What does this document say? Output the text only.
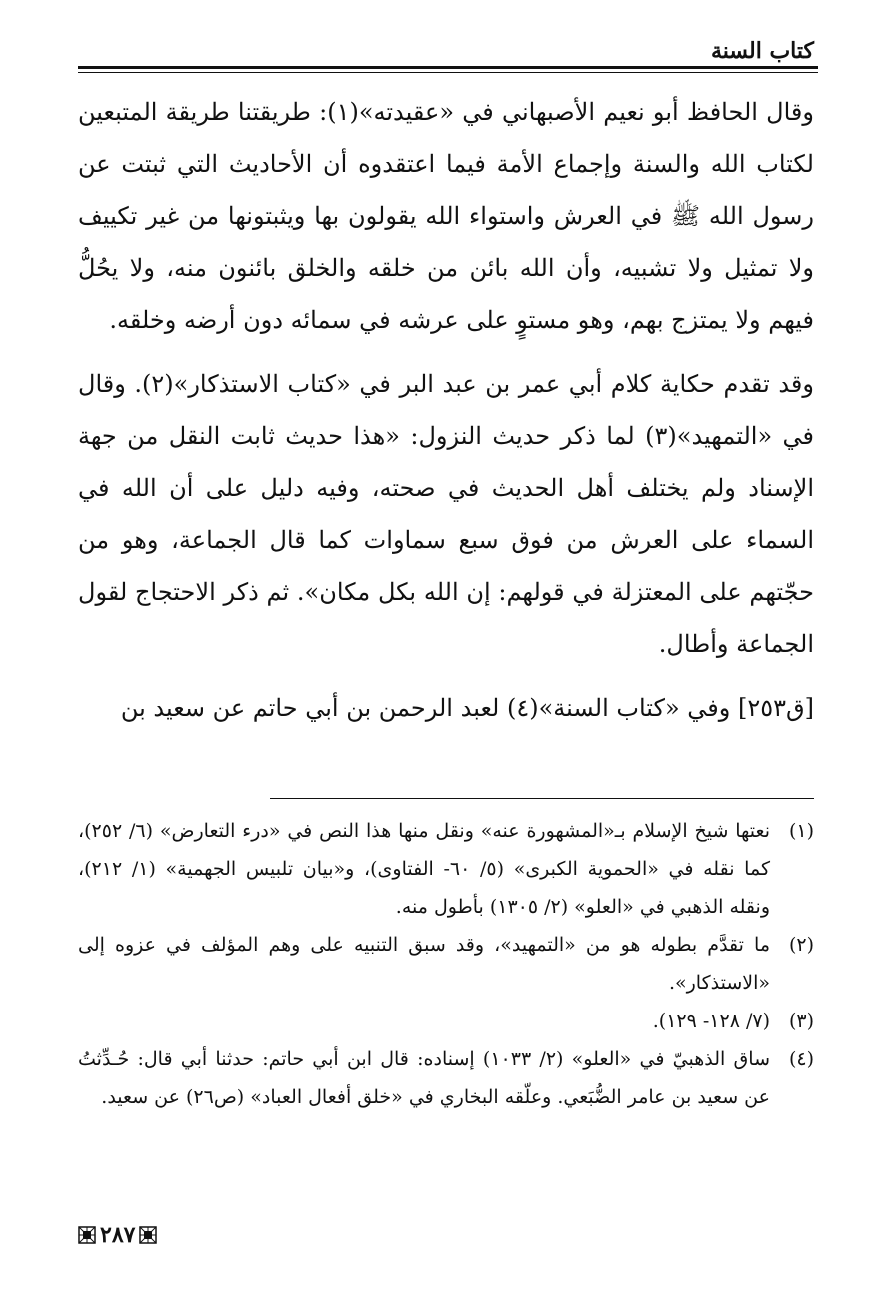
كتاب السنة

وقال الحافظ أبو نعيم الأصبهاني في «عقيدته»(١): طريقتنا طريقة المتبعين لكتاب الله والسنة وإجماع الأمة فيما اعتقدوه أن الأحاديث التي ثبتت عن رسول الله ﷺ في العرش واستواء الله يقولون بها ويثبتونها من غير تكييف ولا تمثيل ولا تشبيه، وأن الله بائن من خلقه والخلق بائنون منه، ولا يحُلُّ فيهم ولا يمتزج بهم، وهو مستوٍ على عرشه في سمائه دون أرضه وخلقه.

وقد تقدم حكاية كلام أبي عمر بن عبد البر في «كتاب الاستذكار»(٢). وقال في «التمهيد»(٣) لما ذكر حديث النزول: «هذا حديث ثابت النقل من جهة الإسناد ولم يختلف أهل الحديث في صحته، وفيه دليل على أن الله في السماء على العرش من فوق سبع سماوات كما قال الجماعة، وهو من حجّتهم على المعتزلة في قولهم: إن الله بكل مكان». ثم ذكر الاحتجاج لقول الجماعة وأطال.

[ق٢٥٣] وفي «كتاب السنة»(٤) لعبد الرحمن بن أبي حاتم عن سعيد بن

(١)
نعتها شيخ الإسلام بـ«المشهورة عنه» ونقل منها هذا النص في «درء التعارض» (٦/ ٢٥٢)، كما نقله في «الحموية الكبرى» (٥/ ٦٠- الفتاوى)، و«بيان تلبيس الجهمية» (١/ ٢١٢)، ونقله الذهبي في «العلو» (٢/ ١٣٠٥) بأطول منه.
(٢)
ما تقدَّم بطوله هو من «التمهيد»، وقد سبق التنبيه على وهم المؤلف في عزوه إلى «الاستذكار».
(٣)
(٧/ ١٢٨- ١٢٩).
(٤)
ساق الذهبيّ في «العلو» (٢/ ١٠٣٣) إسناده: قال ابن أبي حاتم: حدثنا أبي قال: حُـدِّثتُ عن سعيد بن عامر الضُّبَعي. وعلّقه البخاري في «خلق أفعال العباد» (ص٢٦) عن سعيد.
٢٨٧
